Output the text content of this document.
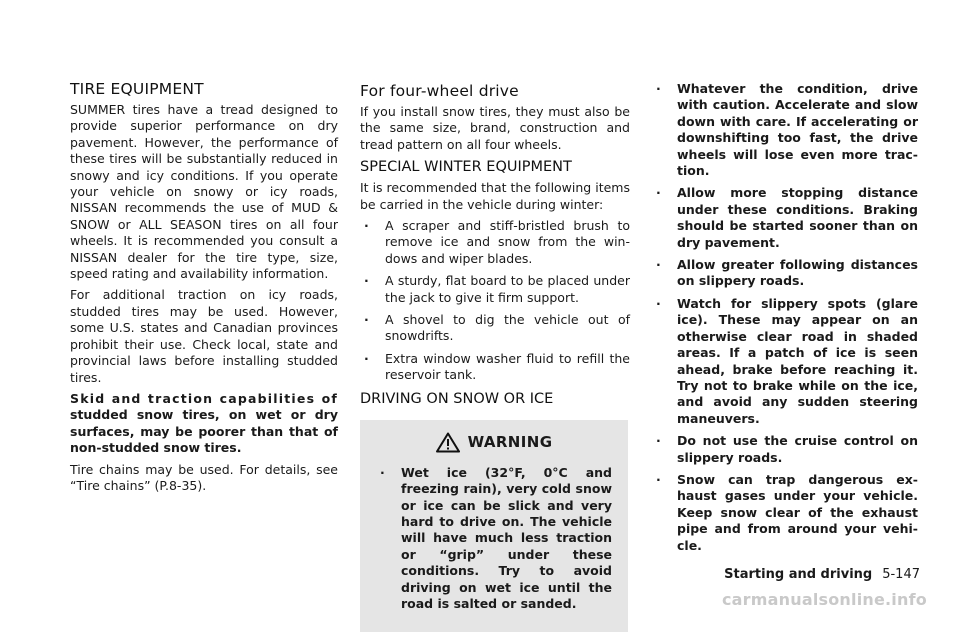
TIRE EQUIPMENT

SUMMER tires have a tread designed to provide superior performance on dry pavement. However, the performance of these tires will be substantially reduced in snowy and icy conditions. If you operate your vehicle on snowy or icy roads, NISSAN recommends the use of MUD & SNOW or ALL SEASON tires on all four wheels. It is recommended you consult a NISSAN dealer for the tire type, size, speed rating and availability information.

For additional traction on icy roads, studded tires may be used. However, some U.S. states and Canadian provinces prohibit their use. Check local, state and provincial laws before installing studded tires.

Skid and traction capabilities of studded snow tires, on wet or dry surfaces, may be poorer than that of non-studded snow tires.

Tire chains may be used. For details, see “Tire chains” (P.8-35).

For four-wheel drive

If you install snow tires, they must also be the same size, brand, construction and tread pattern on all four wheels.

SPECIAL WINTER EQUIPMENT

It is recommended that the following items be carried in the vehicle during winter:

. A scraper and stiff-bristled brush to remove ice and snow from the win- dows and wiper blades.
. A sturdy, flat board to be placed under the jack to give it firm support.
. A shovel to dig the vehicle out of snowdrifts.
. Extra window washer fluid to refill the reservoir tank.
DRIVING ON SNOW OR ICE
WARNING
. Wet ice (32°F, 0°C and freezing rain), very cold snow or ice can be slick and very hard to drive on. The vehicle will have much less traction or “grip” under these conditions. Try to avoid driving on wet ice until the road is salted or sanded.
. Whatever the condition, drive with caution. Accelerate and slow down with care. If accelerating or downshifting too fast, the drive wheels will lose even more trac- tion.
. Allow more stopping distance under these conditions. Braking should be started sooner than on dry pavement.
. Allow greater following distances on slippery roads.
. Watch for slippery spots (glare ice). These may appear on an otherwise clear road in shaded areas. If a patch of ice is seen ahead, brake before reaching it. Try not to brake while on the ice, and avoid any sudden steering maneuvers.
. Do not use the cruise control on slippery roads.
. Snow can trap dangerous ex- haust gases under your vehicle. Keep snow clear of the exhaust pipe and from around your vehi- cle.
Starting and driving 5-147
carmanualsonline.info
